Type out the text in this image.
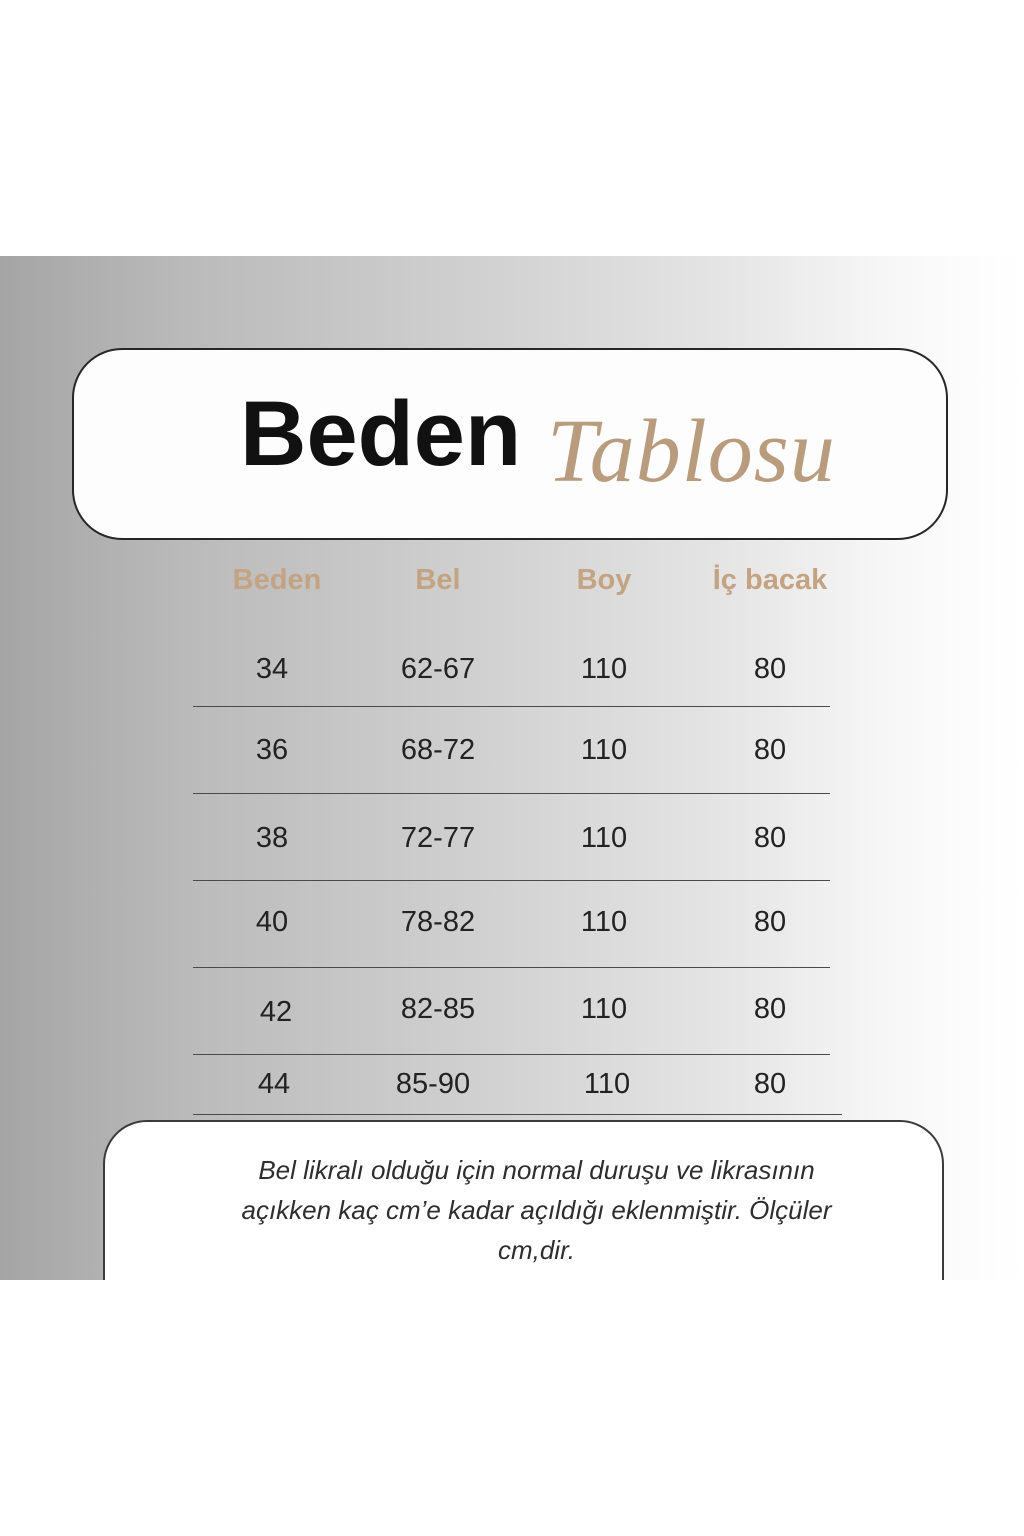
Beden Tablosu
Beden	Bel	Boy	İç bacak
34	62-67	110	80
36	68-72	110	80
38	72-77	110	80
40	78-82	110	80
42	82-85	110	80
44	85-90	110	80
Bel likralı olduğu için normal duruşu ve likrasının
açıkken kaç cm’e kadar açıldığı eklenmiştir. Ölçüler
cm,dir.
